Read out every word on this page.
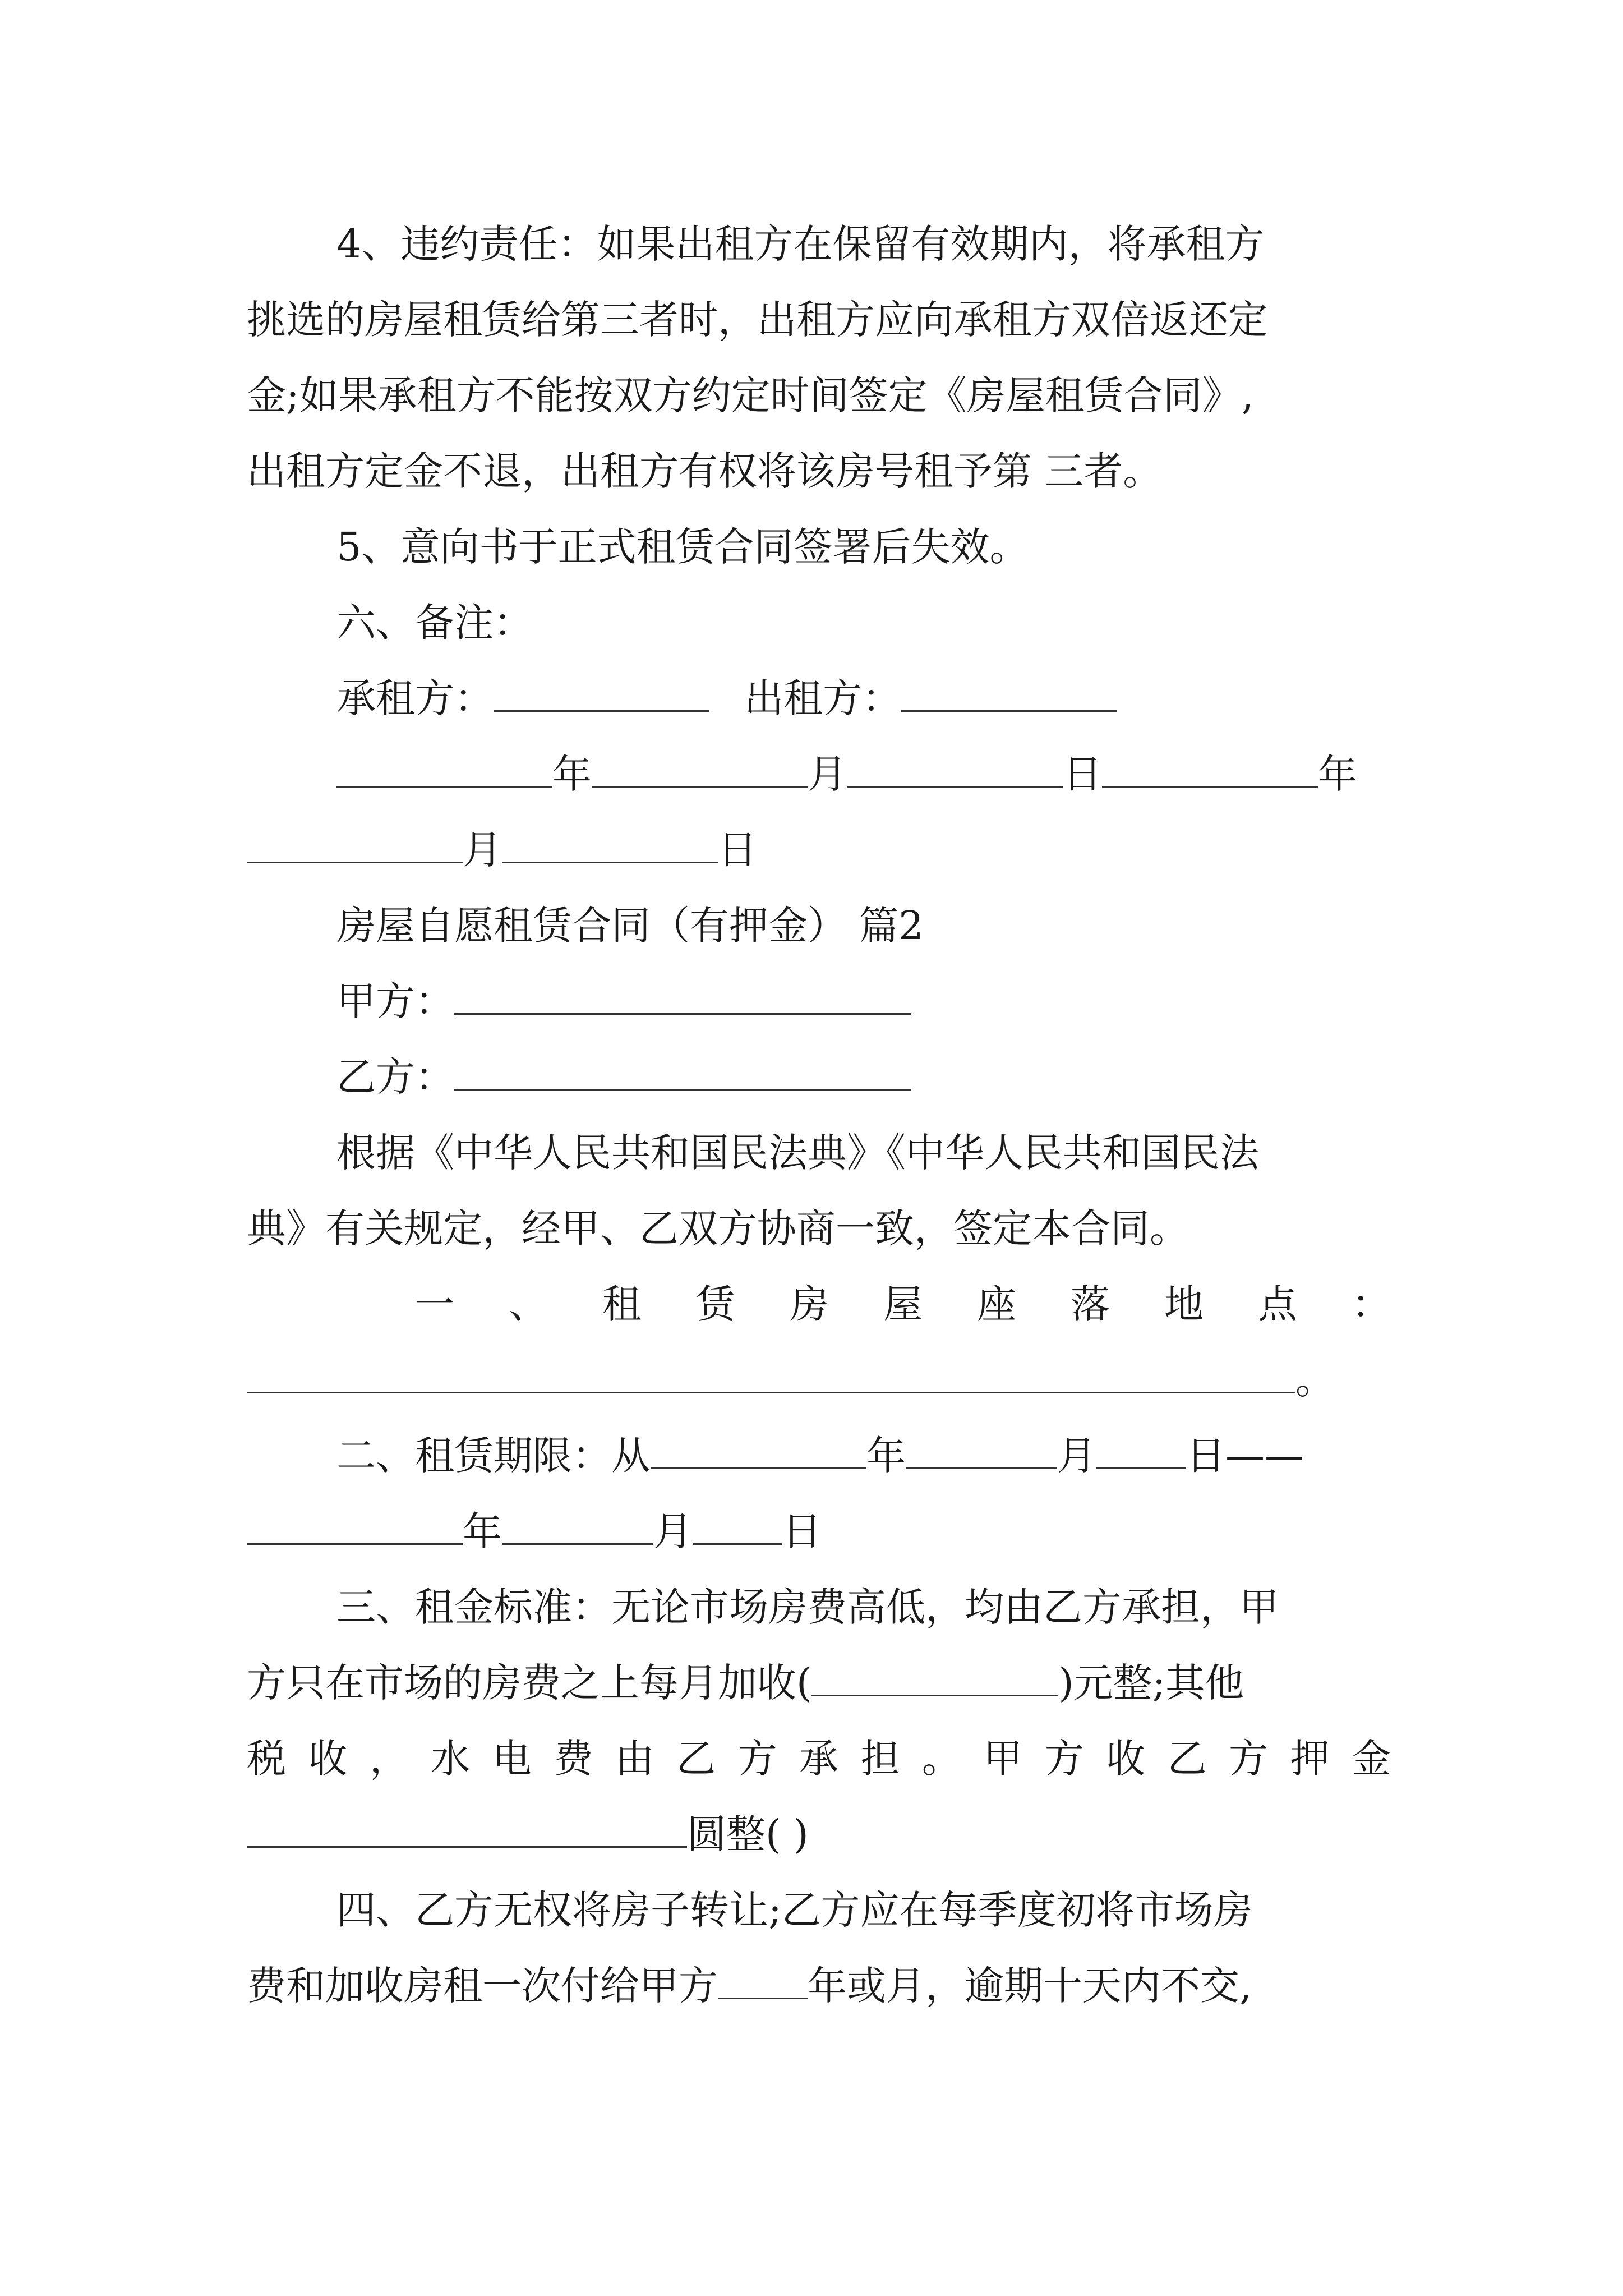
4、违约责任：如果出租方在保留有效期内，将承租方
挑选的房屋租赁给第三者时，出租方应向承租方双倍返还定
金;如果承租方不能按双方约定时间签定《房屋租赁合同》,
出租方定金不退，出租方有权将该房号租予第 三者。
5、意向书于正式租赁合同签署后失效。
六、备注：
承租方：	出租方：
年	月	日	年
月	日
房屋自愿租赁合同（有押金） 篇2
甲方：
乙方：
根据《中华人民共和国民法典》《中华人民共和国民法
典》有关规定，经甲、乙双方协商一致，签定本合同。
一 、 租 赁 房 屋 座 落 地 点 ：
。
二、租赁期限：从	年	月 日——
年	月 日
三、租金标准：无论市场房费高低，均由乙方承担，甲
方只在市场的房费之上每月加收(	)元整;其他
税 收 ， 水 电 费 由 乙 方 承 担 。 甲 方 收 乙 方 押 金
圆整( )
四、乙方无权将房子转让;乙方应在每季度初将市场房
费和加收房租一次付给甲方 年或月，逾期十天内不交,
